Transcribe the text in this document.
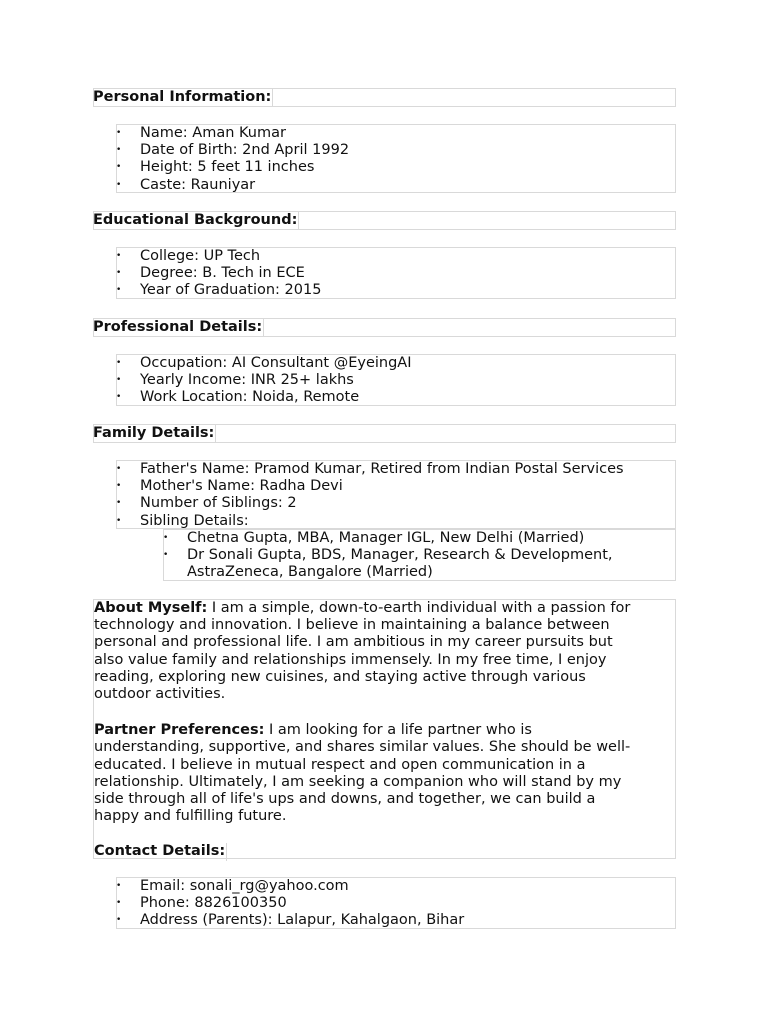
Personal Information:
• Name: Aman Kumar
• Date of Birth: 2nd April 1992
• Height: 5 feet 11 inches
• Caste: Rauniyar
Educational Background:
• College: UP Tech
• Degree: B. Tech in ECE
• Year of Graduation: 2015
Professional Details:
• Occupation: AI Consultant @EyeingAI
• Yearly Income: INR 25+ lakhs
• Work Location: Noida, Remote
Family Details:
• Father's Name: Pramod Kumar, Retired from Indian Postal Services
• Mother's Name: Radha Devi
• Number of Siblings: 2
• Sibling Details:
• Chetna Gupta, MBA, Manager IGL, New Delhi (Married)
• Dr Sonali Gupta, BDS, Manager, Research & Development,
AstraZeneca, Bangalore (Married)

About Myself: I am a simple, down-to-earth individual with a passion for
technology and innovation. I believe in maintaining a balance between
personal and professional life. I am ambitious in my career pursuits but
also value family and relationships immensely. In my free time, I enjoy
reading, exploring new cuisines, and staying active through various
outdoor activities.

Partner Preferences: I am looking for a life partner who is
understanding, supportive, and shares similar values. She should be well-
educated. I believe in mutual respect and open communication in a
relationship. Ultimately, I am seeking a companion who will stand by my
side through all of life's ups and downs, and together, we can build a
happy and fulfilling future.

Contact Details:

• Email: sonali_rg@yahoo.com
• Phone: 8826100350
• Address (Parents): Lalapur, Kahalgaon, Bihar
